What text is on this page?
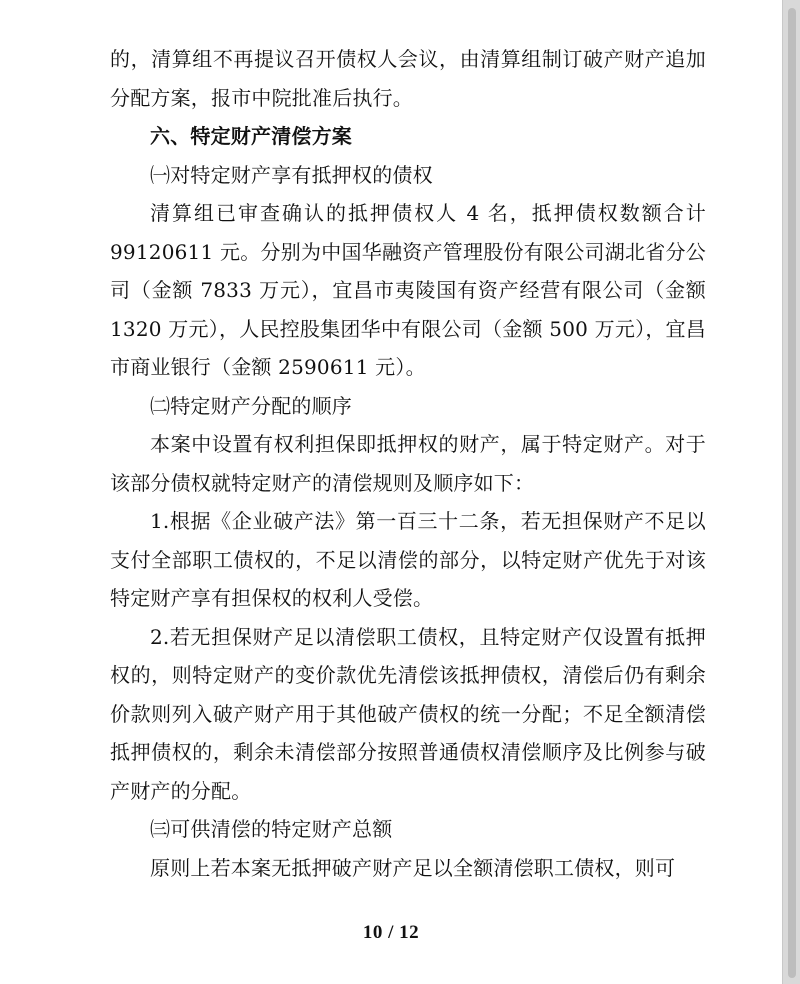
的，清算组不再提议召开债权人会议，由清算组制订破产财产追加分配方案，报市中院批准后执行。

六、特定财产清偿方案

㈠对特定财产享有抵押权的债权

清算组已审查确认的抵押债权人 4 名，抵押债权数额合计 99120611 元。分别为中国华融资产管理股份有限公司湖北省分公司（金额 7833 万元），宜昌市夷陵国有资产经营有限公司（金额 1320 万元），人民控股集团华中有限公司（金额 500 万元），宜昌市商业银行（金额 2590611 元）。

㈡特定财产分配的顺序

本案中设置有权利担保即抵押权的财产，属于特定财产。对于该部分债权就特定财产的清偿规则及顺序如下：

1.根据《企业破产法》第一百三十二条，若无担保财产不足以支付全部职工债权的，不足以清偿的部分，以特定财产优先于对该特定财产享有担保权的权利人受偿。

2.若无担保财产足以清偿职工债权，且特定财产仅设置有抵押权的，则特定财产的变价款优先清偿该抵押债权，清偿后仍有剩余价款则列入破产财产用于其他破产债权的统一分配；不足全额清偿抵押债权的，剩余未清偿部分按照普通债权清偿顺序及比例参与破产财产的分配。

㈢可供清偿的特定财产总额

原则上若本案无抵押破产财产足以全额清偿职工债权，则可

10 / 12
